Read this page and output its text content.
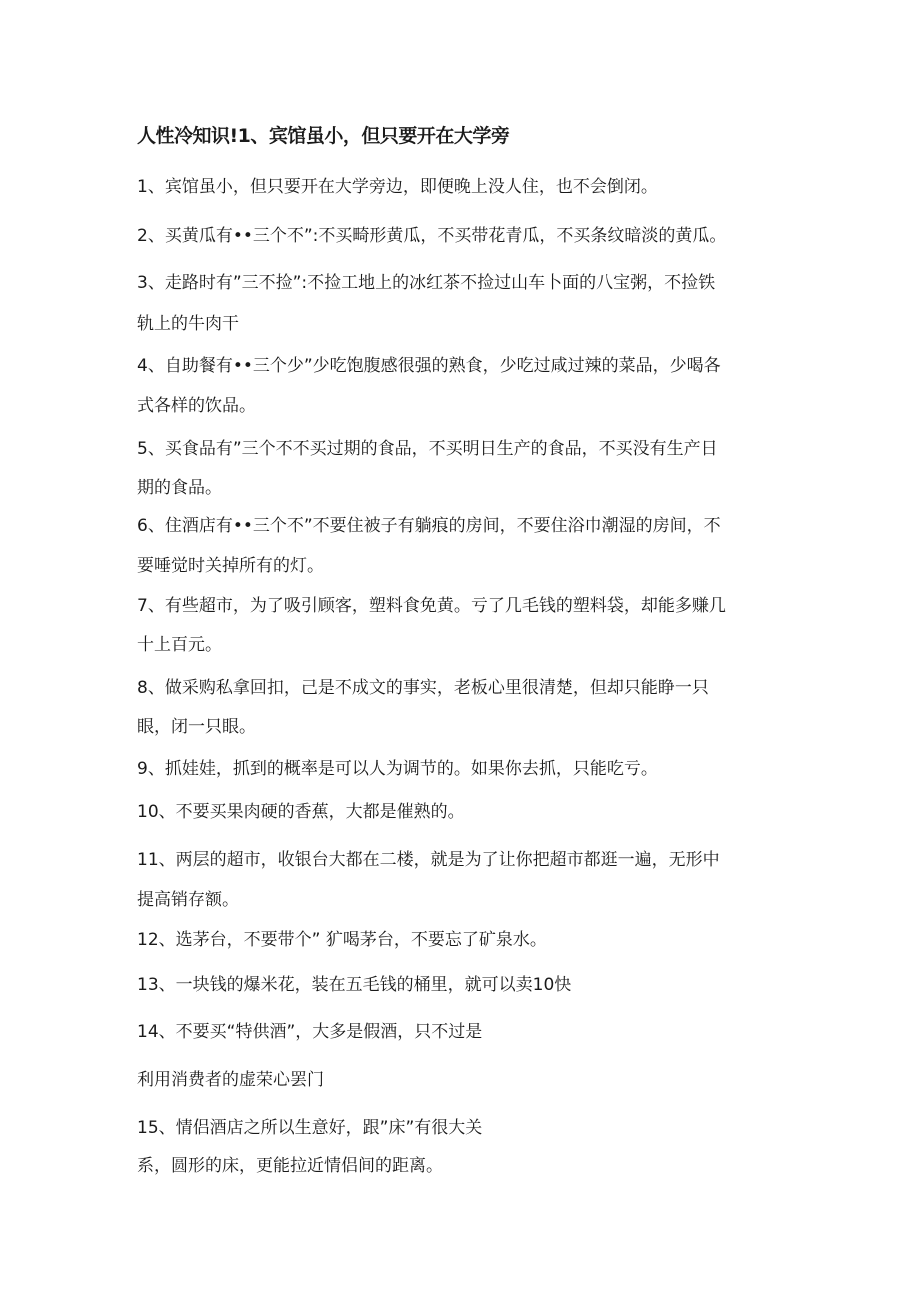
人性冷知识!1、宾馆虽小，但只要开在大学旁
1、宾馆虽小，但只要开在大学旁边，即便晚上没人住，也不会倒闭。
2、买黄瓜有••三个不”:不买畸形黄瓜，不买带花青瓜，不买条纹暗淡的黄瓜。
3、走路时有”三不捡”:不捡工地上的冰红茶不捡过山车卜面的八宝粥，不捡铁
轨上的牛肉干
4、自助餐有••三个少”少吃饱腹感很强的熟食，少吃过咸过辣的菜品，少喝各
式各样的饮品。
5、买食品有”三个不不买过期的食品，不买明日生产的食品，不买没有生产日
期的食品。
6、住酒店有••三个不”不要住被子有躺痕的房间，不要住浴巾潮湿的房间，不
要唾觉时关掉所有的灯。
7、有些超市，为了吸引顾客，塑料食免黄。亏了几毛钱的塑料袋，却能多赚几
十上百元。
8、做采购私拿回扣，己是不成文的事实，老板心里很清楚，但却只能睁一只
眼，闭一只眼。
9、抓娃娃，抓到的概率是可以人为调节的。如果你去抓，只能吃亏。
10、不要买果肉硬的香蕉，大都是催熟的。
11、两层的超市，收银台大都在二楼，就是为了让你把超市都逛一遍，无形中
提高销存额。
12、选茅台，不要带个” 犷喝茅台，不要忘了矿泉水。
13、一块钱的爆米花，装在五毛钱的桶里，就可以卖10快
14、不要买“特供酒”，大多是假酒，只不过是
利用消费者的虚荣心罢门
15、情侣酒店之所以生意好，跟”床”有很大关
系，圆形的床，更能拉近情侣间的距离。
